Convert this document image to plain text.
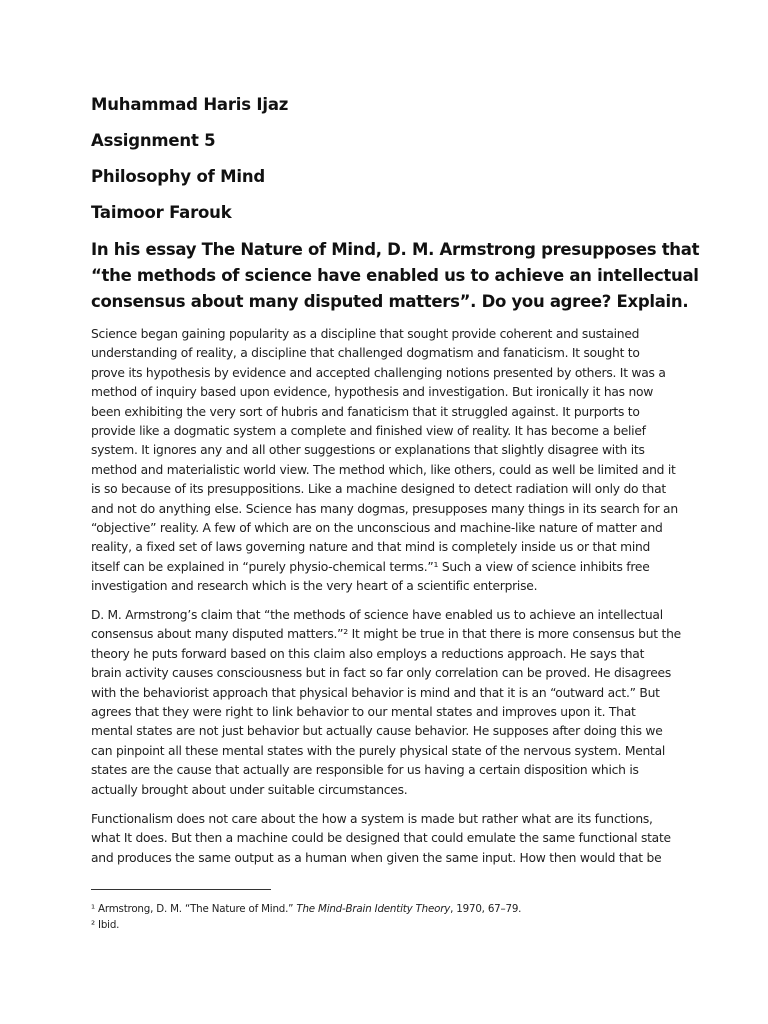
Muhammad Haris Ijaz
Assignment 5
Philosophy of Mind
Taimoor Farouk
In his essay The Nature of Mind, D. M. Armstrong presupposes that
“the methods of science have enabled us to achieve an intellectual
consensus about many disputed matters”. Do you agree? Explain.
Science began gaining popularity as a discipline that sought provide coherent and sustained
understanding of reality, a discipline that challenged dogmatism and fanaticism. It sought to
prove its hypothesis by evidence and accepted challenging notions presented by others. It was a
method of inquiry based upon evidence, hypothesis and investigation. But ironically it has now
been exhibiting the very sort of hubris and fanaticism that it struggled against. It purports to
provide like a dogmatic system a complete and finished view of reality. It has become a belief
system. It ignores any and all other suggestions or explanations that slightly disagree with its
method and materialistic world view. The method which, like others, could as well be limited and it
is so because of its presuppositions. Like a machine designed to detect radiation will only do that
and not do anything else. Science has many dogmas, presupposes many things in its search for an
“objective” reality. A few of which are on the unconscious and machine-like nature of matter and
reality, a fixed set of laws governing nature and that mind is completely inside us or that mind
itself can be explained in “purely physio-chemical terms.”¹ Such a view of science inhibits free
investigation and research which is the very heart of a scientific enterprise.
D. M. Armstrong’s claim that “the methods of science have enabled us to achieve an intellectual
consensus about many disputed matters.”² It might be true in that there is more consensus but the
theory he puts forward based on this claim also employs a reductions approach. He says that
brain activity causes consciousness but in fact so far only correlation can be proved. He disagrees
with the behaviorist approach that physical behavior is mind and that it is an “outward act.” But
agrees that they were right to link behavior to our mental states and improves upon it. That
mental states are not just behavior but actually cause behavior. He supposes after doing this we
can pinpoint all these mental states with the purely physical state of the nervous system. Mental
states are the cause that actually are responsible for us having a certain disposition which is
actually brought about under suitable circumstances.
Functionalism does not care about the how a system is made but rather what are its functions,
what It does. But then a machine could be designed that could emulate the same functional state
and produces the same output as a human when given the same input. How then would that be
¹ Armstrong, D. M. “The Nature of Mind.” The Mind-Brain Identity Theory, 1970, 67–79.
² Ibid.
